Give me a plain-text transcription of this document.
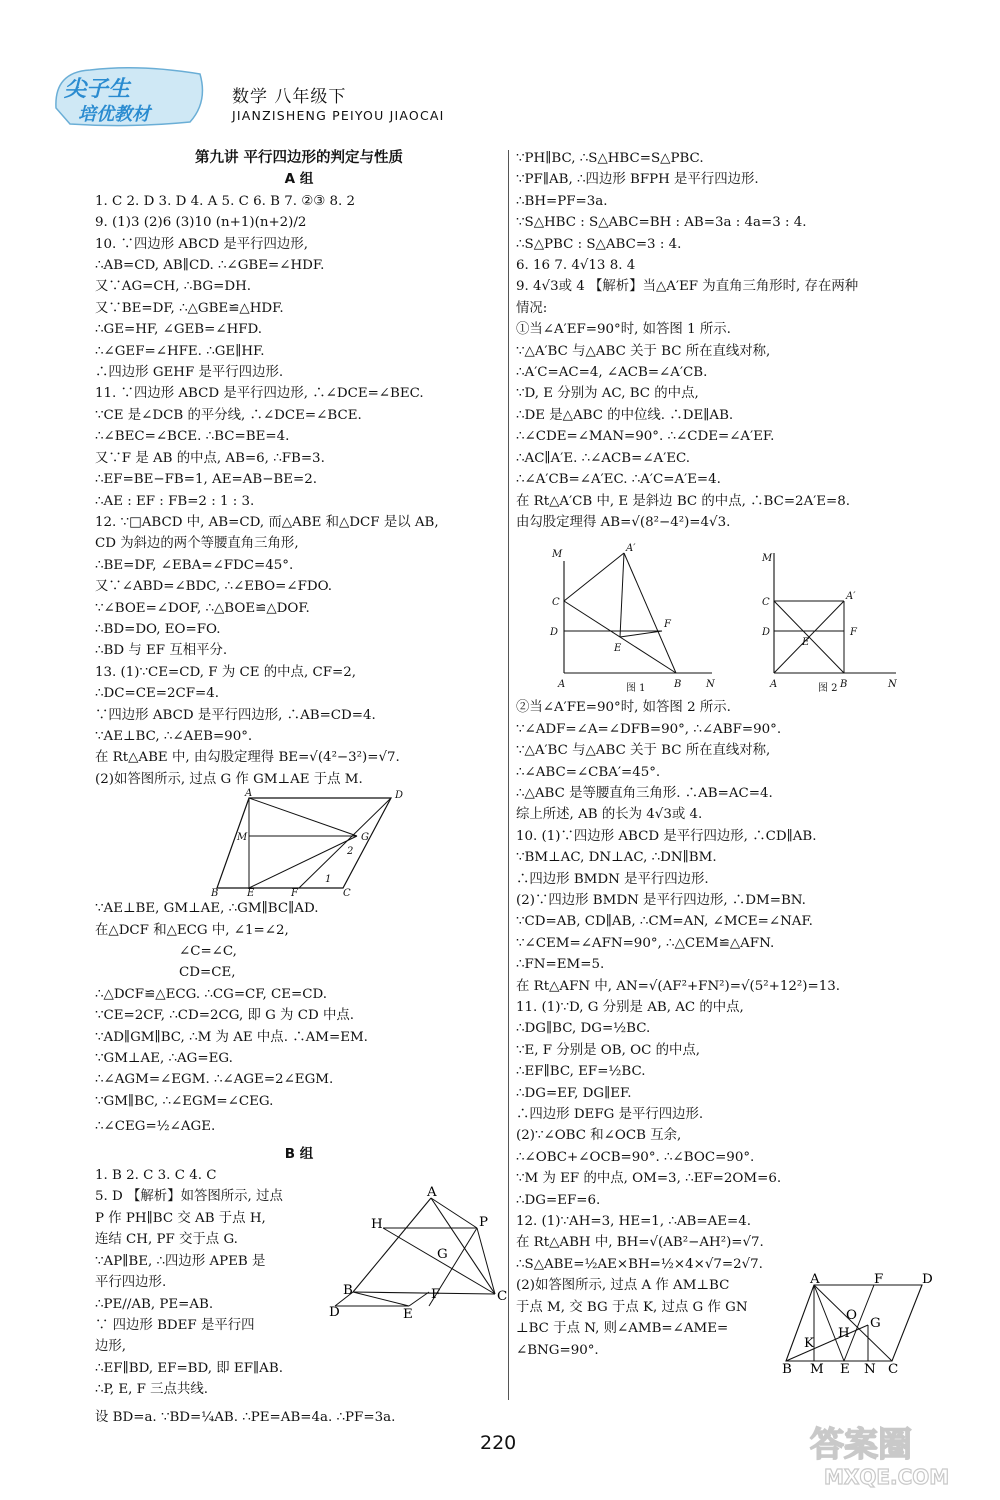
尖子生
培优教材
数学 八年级下
JIANZISHENG PEIYOU JIAOCAI
第九讲 平行四边形的判定与性质
A 组
1. C 2. D 3. D 4. A 5. C 6. B 7. ②③ 8. 2
9. (1)3 (2)6 (3)10 (n+1)(n+2)/2
10. ∵四边形 ABCD 是平行四边形,
∴AB=CD, AB∥CD. ∴∠GBE=∠HDF.
又∵AG=CH, ∴BG=DH.
又∵BE=DF, ∴△GBE≌△HDF.
∴GE=HF, ∠GEB=∠HFD.
∴∠GEF=∠HFE. ∴GE∥HF.
∴四边形 GEHF 是平行四边形.
11. ∵四边形 ABCD 是平行四边形, ∴∠DCE=∠BEC.
∵CE 是∠DCB 的平分线, ∴∠DCE=∠BCE.
∴∠BEC=∠BCE. ∴BC=BE=4.
又∵F 是 AB 的中点, AB=6, ∴FB=3.
∴EF=BE−FB=1, AE=AB−BE=2.
∴AE : EF : FB=2 : 1 : 3.
12. ∵□ABCD 中, AB=CD, 而△ABE 和△DCF 是以 AB,
CD 为斜边的两个等腰直角三角形,
∴BE=DF, ∠EBA=∠FDC=45°.
又∵∠ABD=∠BDC, ∴∠EBO=∠FDO.
∵∠BOE=∠DOF, ∴△BOE≌△DOF.
∴BD=DO, EO=FO.
∴BD 与 EF 互相平分.
13. (1)∵CE=CD, F 为 CE 的中点, CF=2,
∴DC=CE=2CF=4.
∵四边形 ABCD 是平行四边形, ∴AB=CD=4.
∵AE⊥BC, ∴∠AEB=90°.
在 Rt△ABE 中, 由勾股定理得 BE=√(4²−3²)=√7.
(2)如答图所示, 过点 G 作 GM⊥AE 于点 M.
A	D
M	G
B	E	F	C
1
2
∵AE⊥BE, GM⊥AE, ∴GM∥BC∥AD.
在△DCF 和△ECG 中, ∠1=∠2,
∠C=∠C,
CD=CE,
∴△DCF≌△ECG. ∴CG=CF, CE=CD.
∵CE=2CF, ∴CD=2CG, 即 G 为 CD 中点.
∵AD∥GM∥BC, ∴M 为 AE 中点. ∴AM=EM.
∵GM⊥AE, ∴AG=EG.
∴∠AGM=∠EGM. ∴∠AGE=2∠EGM.
∵GM∥BC, ∴∠EGM=∠CEG.
∴∠CEG=½∠AGE.
B 组
1. B 2. C 3. C 4. C
A
P
H
G
B	C
F
D	E
5. D 【解析】如答图所示, 过点
P 作 PH∥BC 交 AB 于点 H,
连结 CH, PF 交于点 G.
∵AP∥BE, ∴四边形 APEB 是
平行四边形.
∴PE//AB, PE=AB.
∵ 四边形 BDEF 是平行四
边形,
∴EF∥BD, EF=BD, 即 EF∥AB.
∴P, E, F 三点共线.
设 BD=a. ∵BD=¼AB. ∴PE=AB=4a. ∴PF=3a.
∵PH∥BC, ∴S△HBC=S△PBC.
∵PF∥AB, ∴四边形 BFPH 是平行四边形.
∴BH=PF=3a.
∵S△HBC : S△ABC=BH : AB=3a : 4a=3 : 4.
∴S△PBC : S△ABC=3 : 4.
6. 16 7. 4√13 8. 4
9. 4√3或 4 【解析】当△A′EF 为直角三角形时, 存在两种
情况:
①当∠A′EF=90°时, 如答图 1 所示.
∵△A′BC 与△ABC 关于 BC 所在直线对称,
∴A′C=AC=4, ∠ACB=∠A′CB.
∵D, E 分别为 AC, BC 的中点,
∴DE 是△ABC 的中位线. ∴DE∥AB.
∴∠CDE=∠MAN=90°. ∴∠CDE=∠A′EF.
∴AC∥A′E. ∴∠ACB=∠A′EC.
∴∠A′CB=∠A′EC. ∴A′C=A′E=4.
在 Rt△A′CB 中, E 是斜边 BC 的中点, ∴BC=2A′E=8.
由勾股定理得 AB=√(8²−4²)=4√3.
M
A′
C
D
E
F
A	B N
图 1
M
A′
C
D
E
F
A	B	N
图 2
②当∠A′FE=90°时, 如答图 2 所示.
∵∠ADF=∠A=∠DFB=90°, ∴∠ABF=90°.
∵△A′BC 与△ABC 关于 BC 所在直线对称,
∴∠ABC=∠CBA′=45°.
∴△ABC 是等腰直角三角形. ∴AB=AC=4.
综上所述, AB 的长为 4√3或 4.
10. (1)∵四边形 ABCD 是平行四边形, ∴CD∥AB.
∵BM⊥AC, DN⊥AC, ∴DN∥BM.
∴四边形 BMDN 是平行四边形.
(2)∵四边形 BMDN 是平行四边形, ∴DM=BN.
∵CD=AB, CD∥AB, ∴CM=AN, ∠MCE=∠NAF.
∵∠CEM=∠AFN=90°, ∴△CEM≌△AFN.
∴FN=EM=5.
在 Rt△AFN 中, AN=√(AF²+FN²)=√(5²+12²)=13.
11. (1)∵D, G 分别是 AB, AC 的中点,
∴DG∥BC, DG=½BC.
∵E, F 分别是 OB, OC 的中点,
∴EF∥BC, EF=½BC.
∴DG=EF, DG∥EF.
∴四边形 DEFG 是平行四边形.
(2)∵∠OBC 和∠OCB 互余,
∴∠OBC+∠OCB=90°. ∴∠BOC=90°.
∵M 为 EF 的中点, OM=3, ∴EF=2OM=6.
∴DG=EF=6.
12. (1)∵AH=3, HE=1, ∴AB=AE=4.
在 Rt△ABH 中, BH=√(AB²−AH²)=√7.
∴S△ABE=½AE×BH=½×4×√7=2√7.
A	F	D
O
H
G
K
B M E N C
(2)如答图所示, 过点 A 作 AM⊥BC
于点 M, 交 BG 于点 K, 过点 G 作 GN
⊥BC 于点 N, 则∠AMB=∠AME=
∠BNG=90°.
220	答案圈
MXQE.COM
